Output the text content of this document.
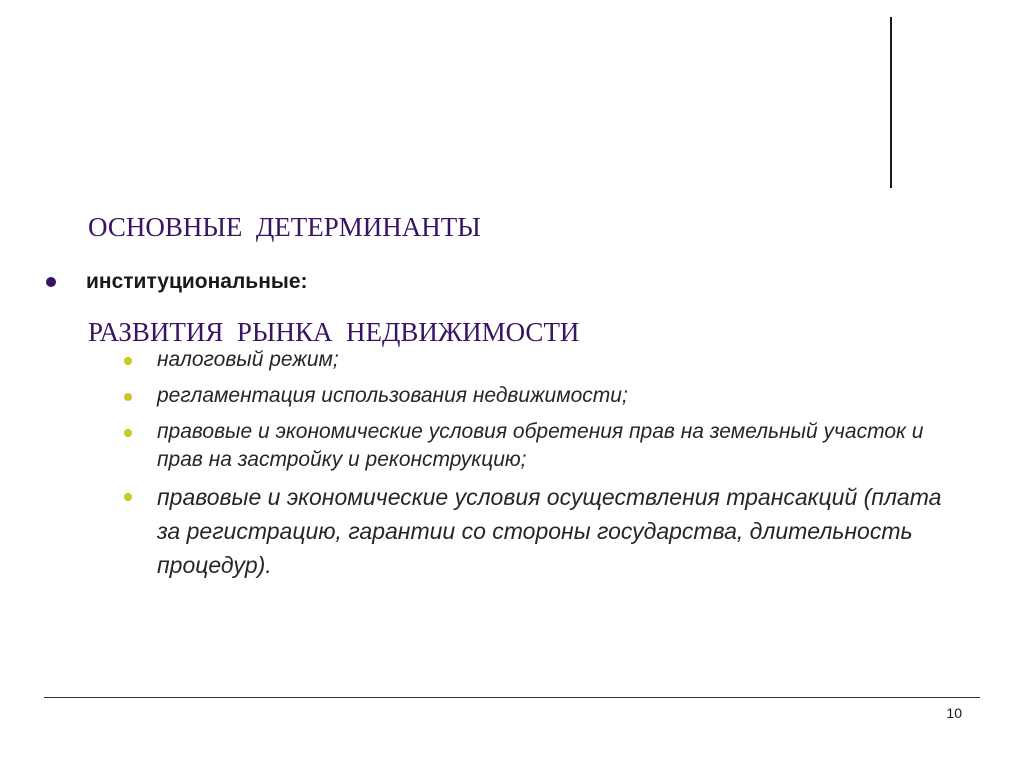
ОСНОВНЫЕ  ДЕТЕРМИНАНТЫ

РАЗВИТИЯ  РЫНКА  НЕДВИЖИМОСТИ

институциональные:
налоговый режим;
регламентация использования недвижимости;
правовые и экономические условия обретения прав на земельный участок и прав на застройку и реконструкцию;
правовые и экономические условия осуществления трансакций (плата за регистрацию, гарантии со стороны государства, длительность процедур).
10
